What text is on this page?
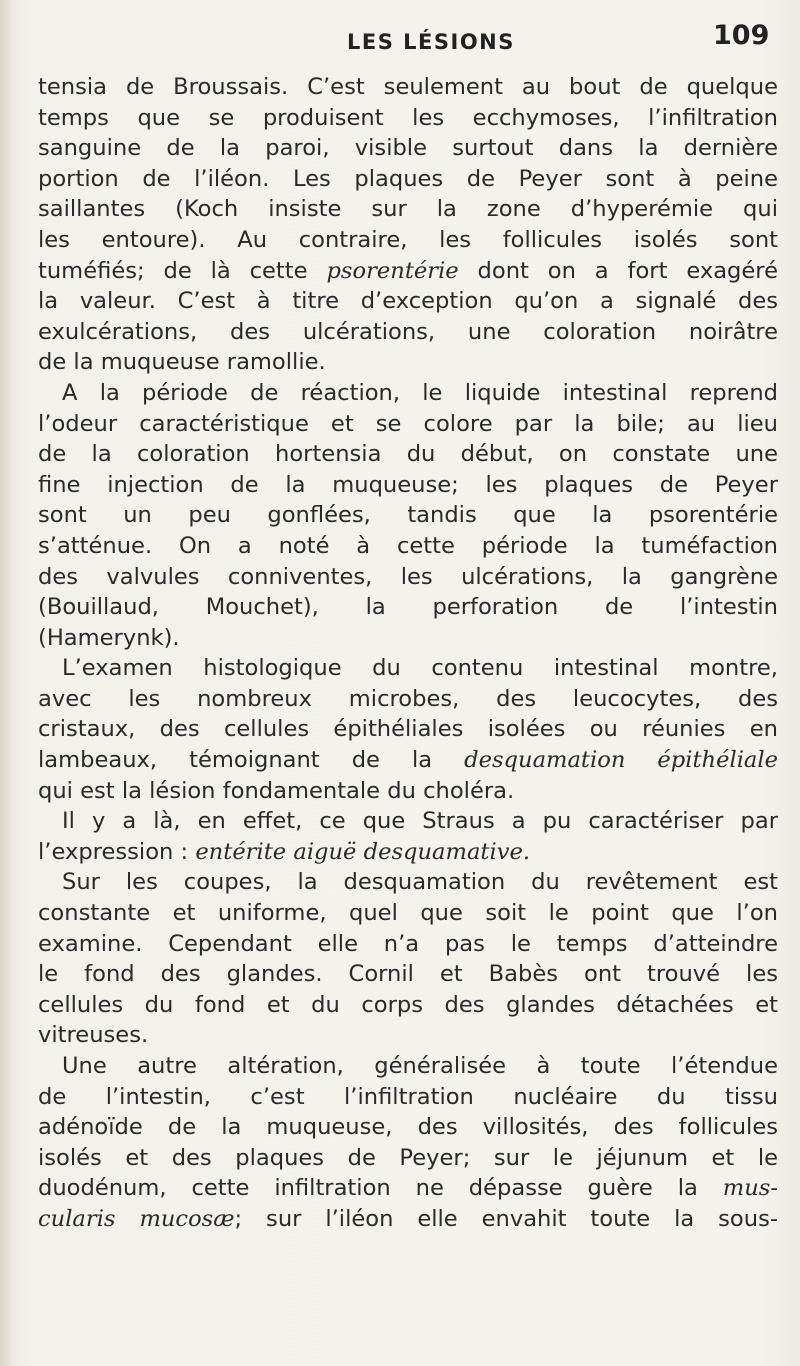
LES LÉSIONS	109
tensia de Broussais. C’est seulement au bout de quelque
temps que se produisent les ecchymoses, l’infiltration
sanguine de la paroi, visible surtout dans la dernière
portion de l’iléon. Les plaques de Peyer sont à peine
saillantes (Koch insiste sur la zone d’hyperémie qui
les entoure). Au contraire, les follicules isolés sont
tuméfiés; de là cette psorentérie dont on a fort exagéré
la valeur. C’est à titre d’exception qu’on a signalé des
exulcérations, des ulcérations, une coloration noirâtre
de la muqueuse ramollie.
A la période de réaction, le liquide intestinal reprend
l’odeur caractéristique et se colore par la bile; au lieu
de la coloration hortensia du début, on constate une
fine injection de la muqueuse; les plaques de Peyer
sont un peu gonflées, tandis que la psorentérie
s’atténue. On a noté à cette période la tuméfaction
des valvules conniventes, les ulcérations, la gangrène
(Bouillaud, Mouchet), la perforation de l’intestin
(Hamerynk).
L’examen histologique du contenu intestinal montre,
avec les nombreux microbes, des leucocytes, des
cristaux, des cellules épithéliales isolées ou réunies en
lambeaux, témoignant de la desquamation épithéliale
qui est la lésion fondamentale du choléra.
Il y a là, en effet, ce que Straus a pu caractériser par
l’expression : entérite aiguë desquamative.
Sur les coupes, la desquamation du revêtement est
constante et uniforme, quel que soit le point que l’on
examine. Cependant elle n’a pas le temps d’atteindre
le fond des glandes. Cornil et Babès ont trouvé les
cellules du fond et du corps des glandes détachées et
vitreuses.
Une autre altération, généralisée à toute l’étendue
de l’intestin, c’est l’infiltration nucléaire du tissu
adénoïde de la muqueuse, des villosités, des follicules
isolés et des plaques de Peyer; sur le jéjunum et le
duodénum, cette infiltration ne dépasse guère la mus-
cularis mucosæ; sur l’iléon elle envahit toute la sous-
